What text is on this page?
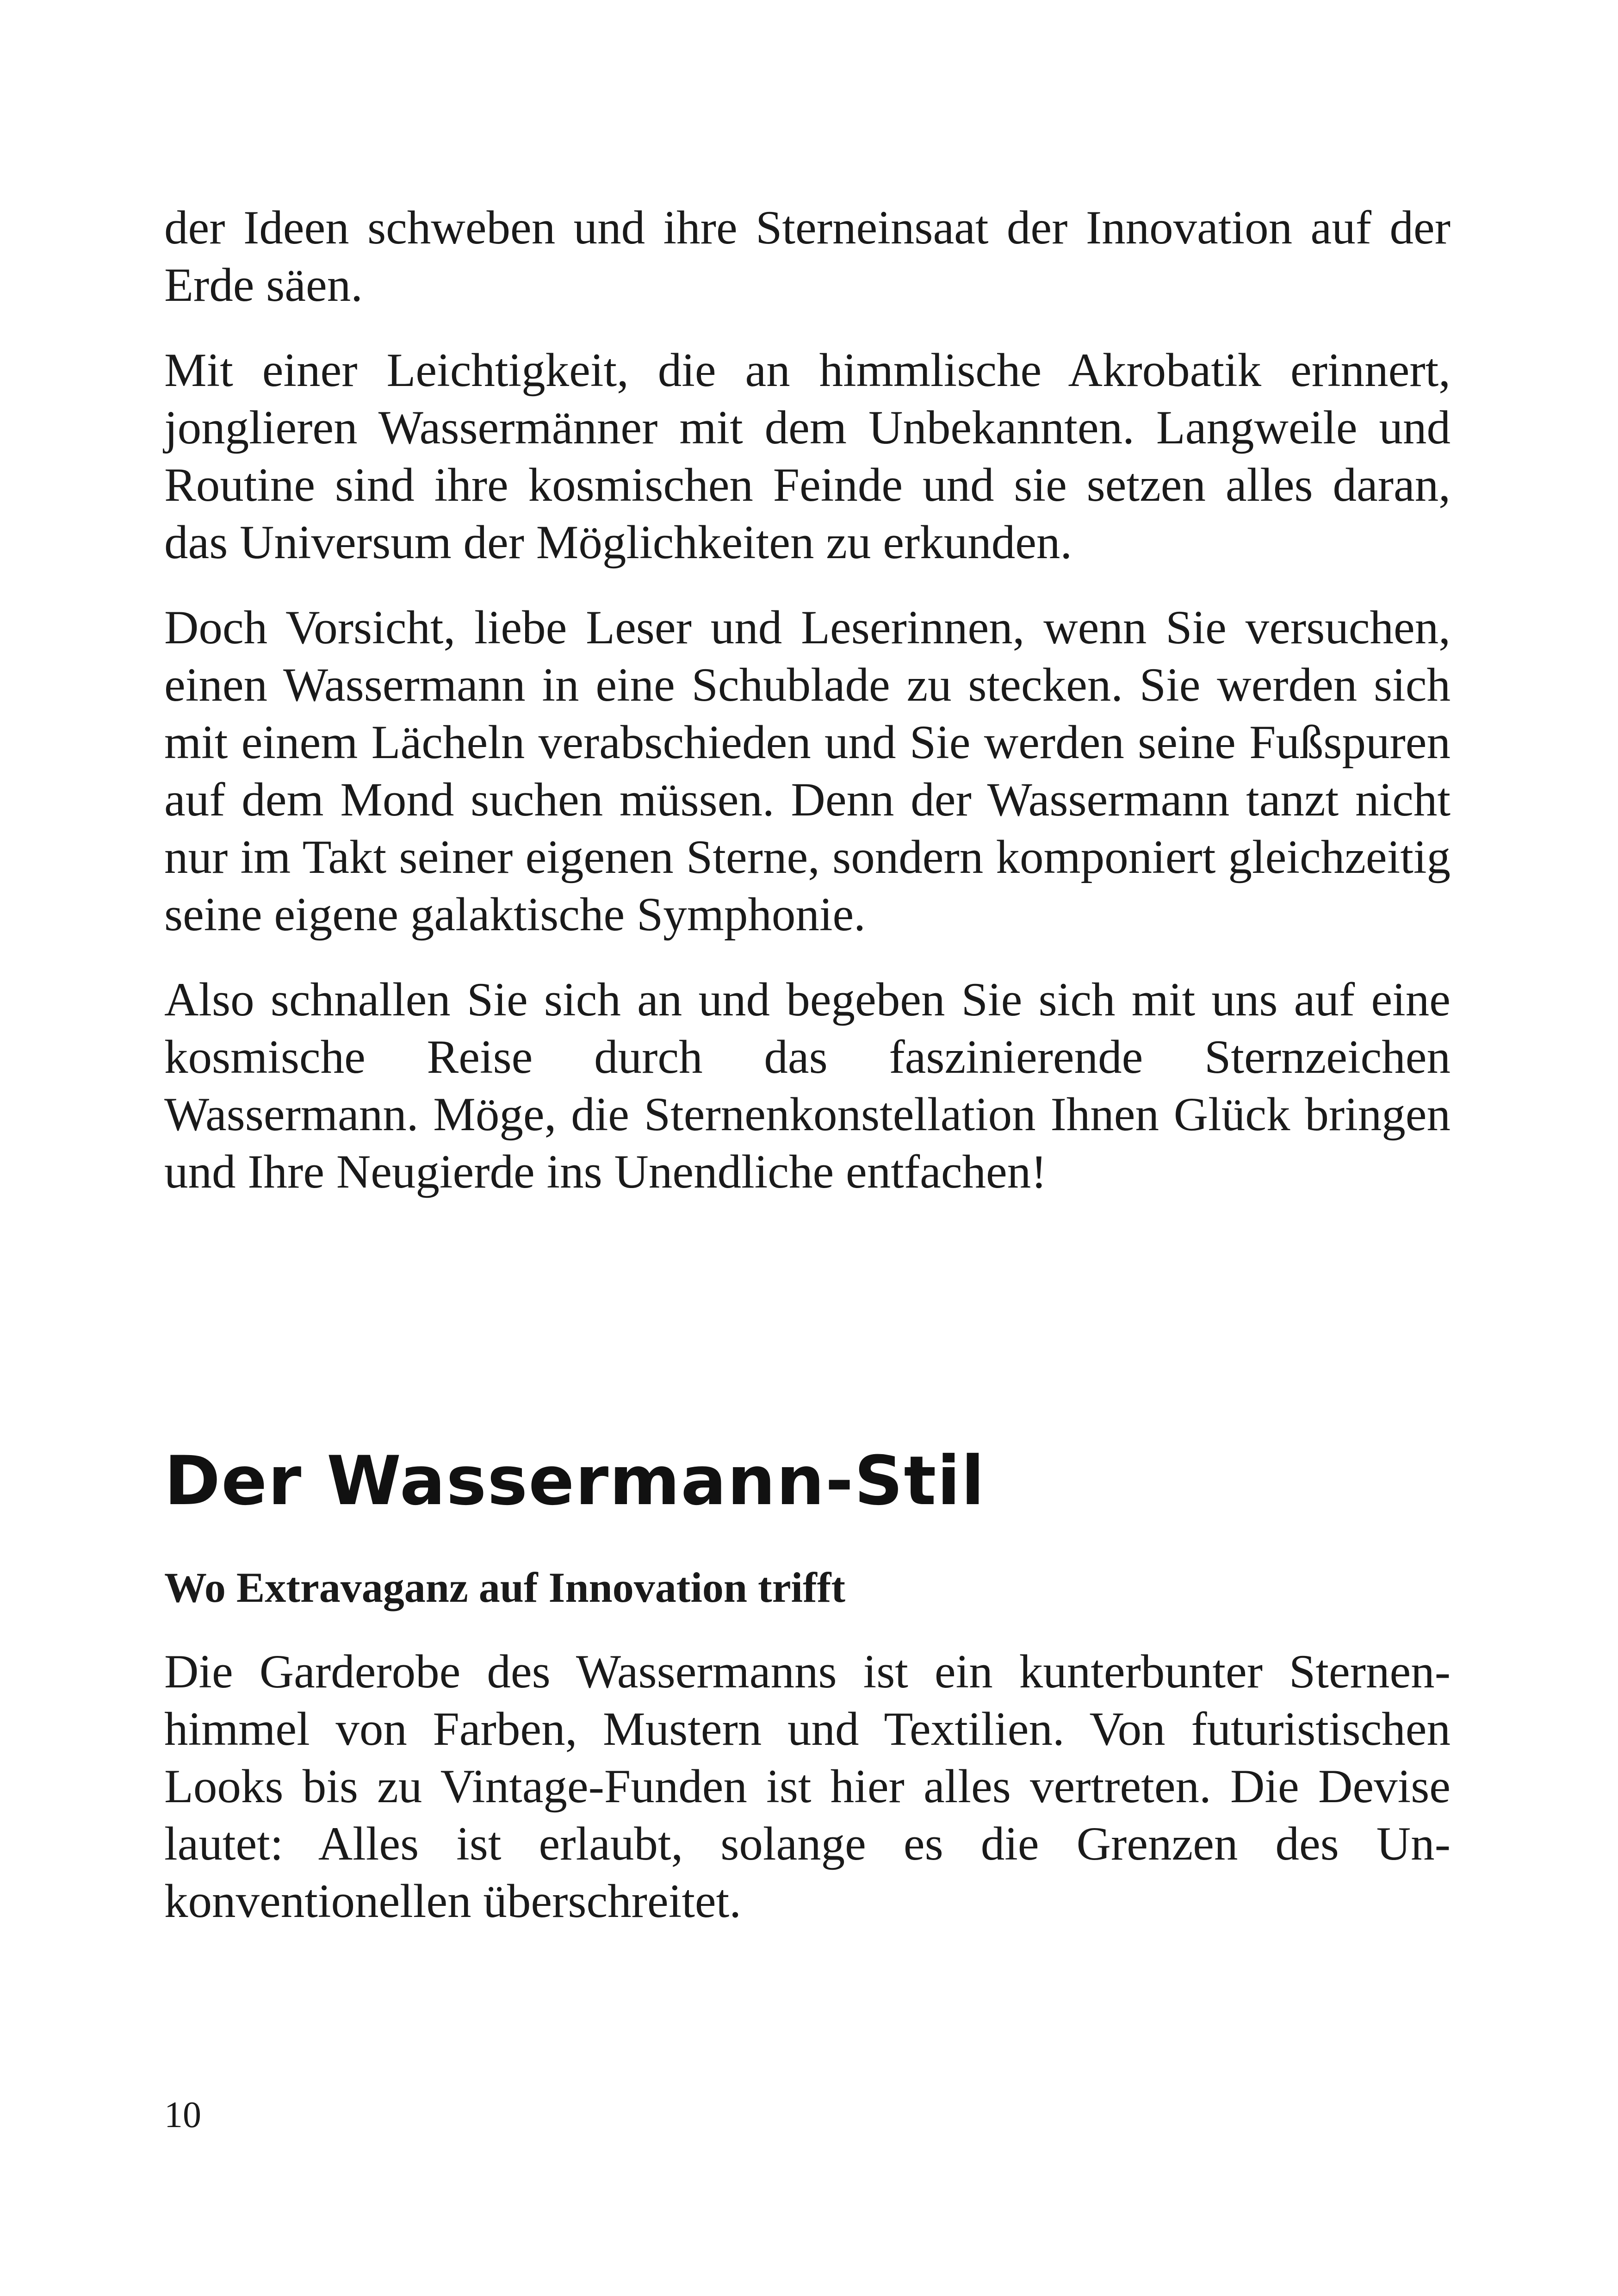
der Ideen schweben und ihre Sterneinsaat der Innovation auf der Erde säen.

Mit einer Leichtigkeit, die an himmlische Akrobatik erinnert, jonglieren Wassermänner mit dem Unbekannten. Langweile und Routine sind ihre kosmischen Feinde und sie setzen alles daran, das Universum der Möglichkeiten zu erkunden.

Doch Vorsicht, liebe Leser und Leserinnen, wenn Sie versuchen, einen Wassermann in eine Schublade zu stecken. Sie werden sich mit einem Lächeln verabschieden und Sie werden seine Fußspuren auf dem Mond suchen müssen. Denn der Wassermann tanzt nicht nur im Takt seiner eigenen Sterne, sondern komponiert gleichzeitig seine eigene galaktische Symphonie.

Also schnallen Sie sich an und begeben Sie sich mit uns auf eine kosmische Reise durch das faszinierende Sternzeichen Wassermann. Möge, die Sternenkonstellation Ihnen Glück bringen und Ihre Neugierde ins Unendliche entfachen!

Der Wassermann-Stil
Wo Extravaganz auf Innovation trifft

Die Garderobe des Wassermanns ist ein kunterbunter Sternenhimmel von Farben, Mustern und Textilien. Von futuristischen Looks bis zu Vintage-Funden ist hier alles vertreten. Die Devise lautet: Alles ist erlaubt, solange es die Grenzen des Unkonventionellen überschreitet.

10
